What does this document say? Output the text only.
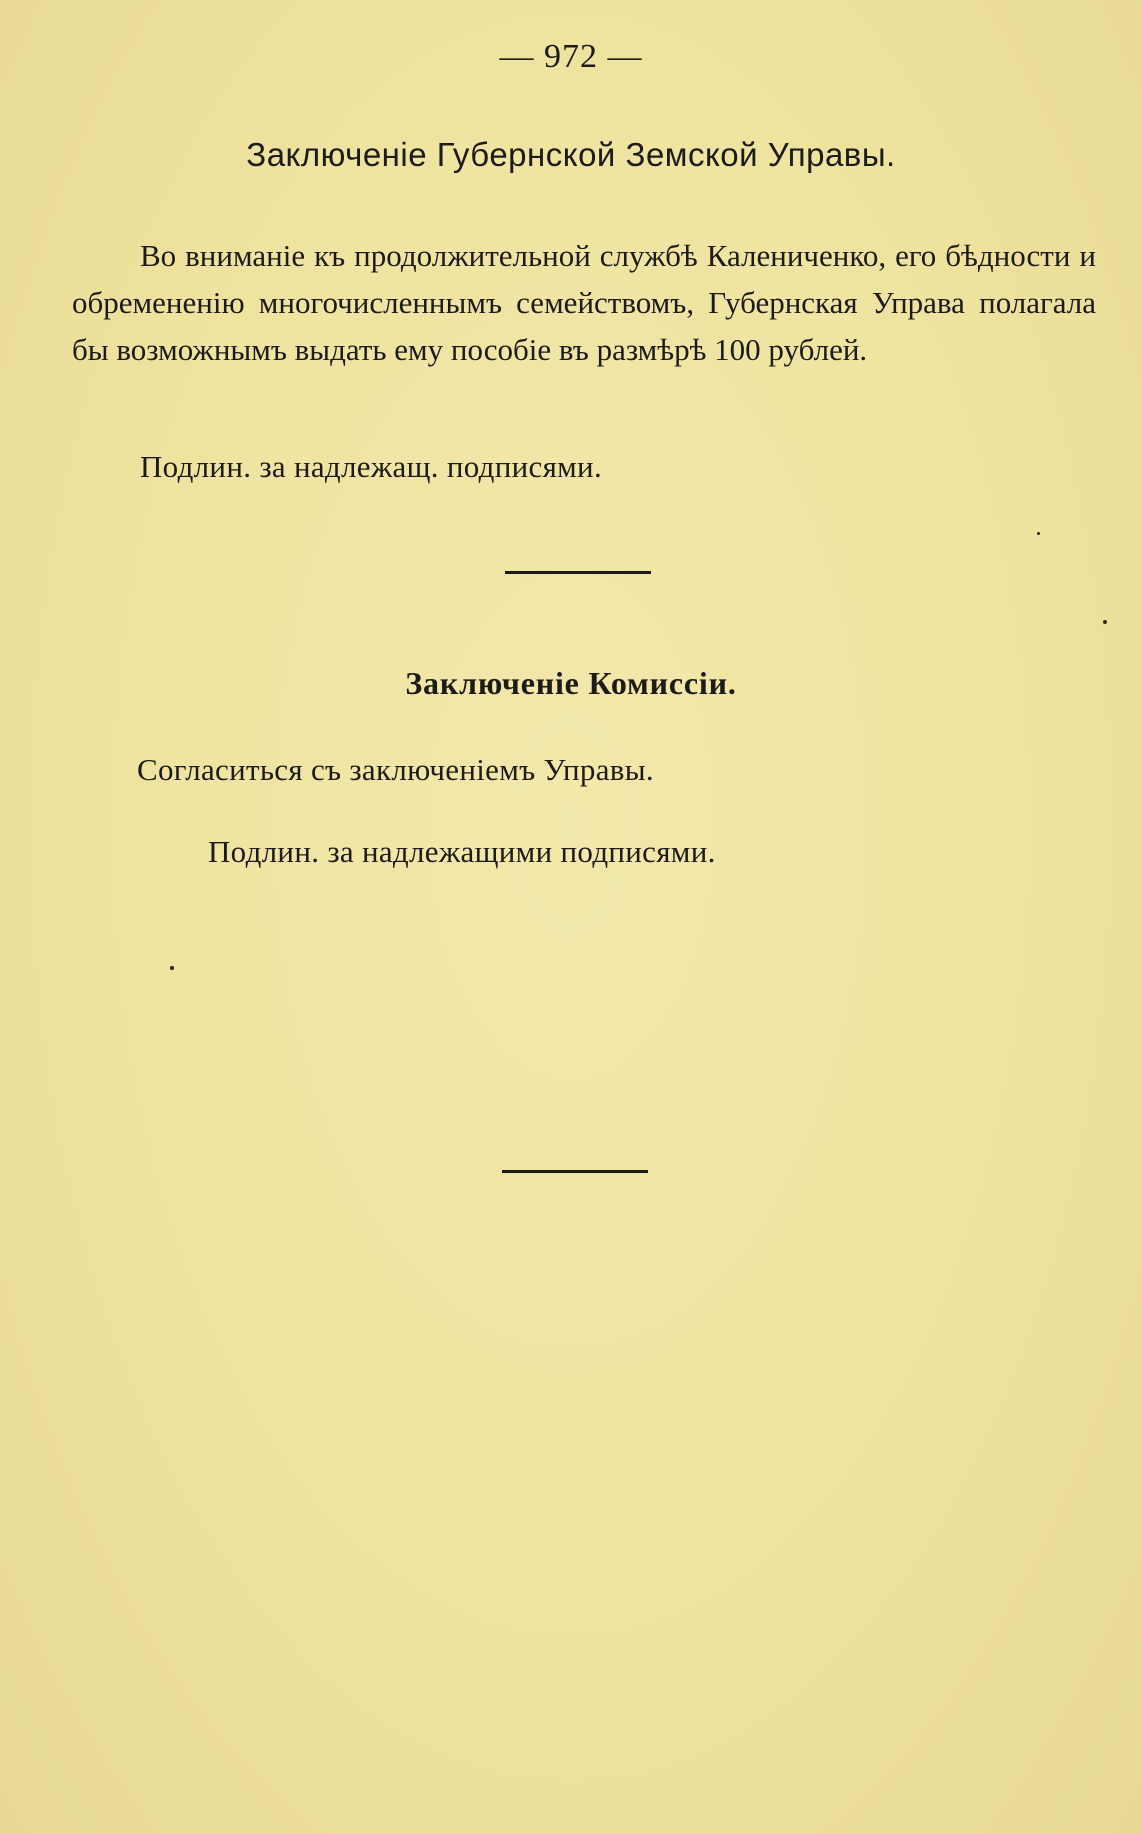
— 972 —
Заключеніе Губернской Земской Управы.

Во вниманіе къ продолжительной службѣ Калениченко, его бѣдности и обремененію многочисленнымъ семействомъ, Губернская Управа полагала бы возможнымъ выдать ему пособіе въ размѣрѣ 100 рублей.

Подлин. за надлежащ. подписями.
Заключеніе Комиссіи.
Согласиться съ заключеніемъ Управы.
Подлин. за надлежащими подписями.
